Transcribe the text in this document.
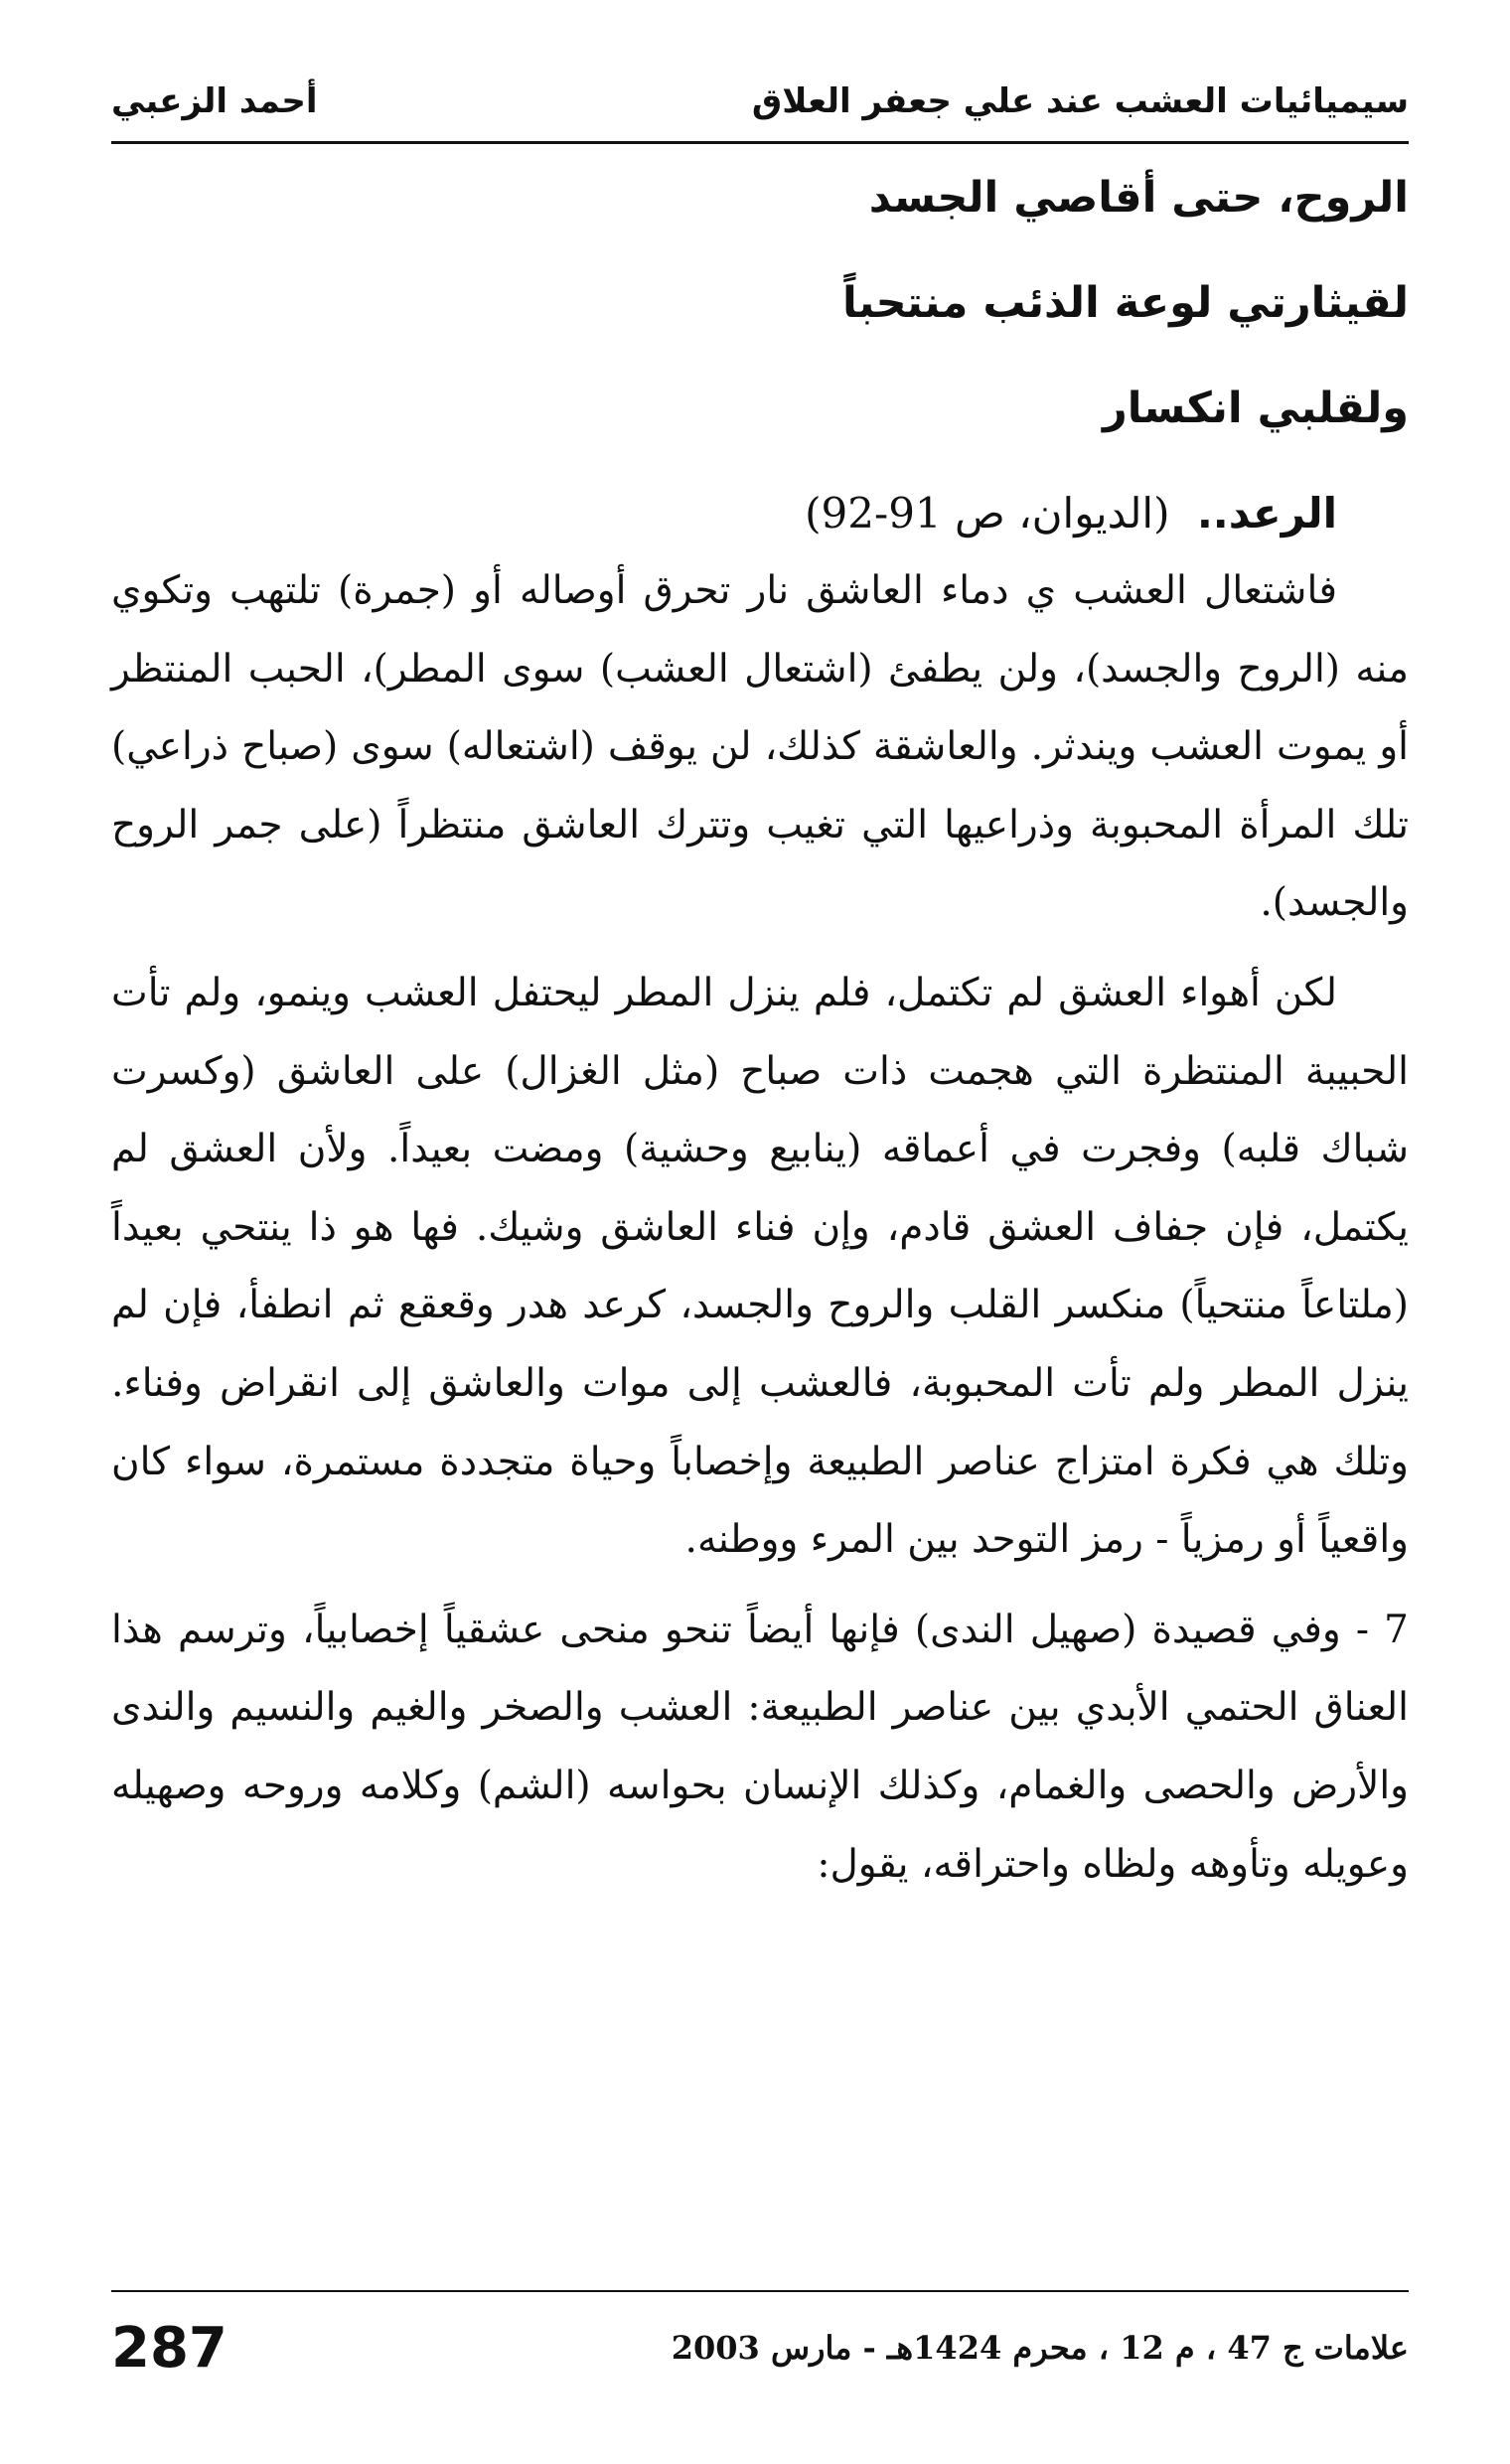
سيميائيات العشب عند علي جعفر العلاق
أحمد الزعبي
الروح، حتى أقاصي الجسد
لقيثارتي لوعة الذئب منتحباً
ولقلبي انكسار
الرعد.. (الديوان، ص 91-92)

فاشتعال العشب ي دماء العاشق نار تحرق أوصاله أو (جمرة) تلتهب وتكوي منه (الروح والجسد)، ولن يطفئ (اشتعال العشب) سوى المطر)، الحبب المنتظر أو يموت العشب ويندثر. والعاشقة كذلك، لن يوقف (اشتعاله) سوى (صباح ذراعي) تلك المرأة المحبوبة وذراعيها التي تغيب وتترك العاشق منتظراً (على جمر الروح والجسد).

لكن أهواء العشق لم تكتمل، فلم ينزل المطر ليحتفل العشب وينمو، ولم تأت الحبيبة المنتظرة التي هجمت ذات صباح (مثل الغزال) على العاشق (وكسرت شباك قلبه) وفجرت في أعماقه (ينابيع وحشية) ومضت بعيداً. ولأن العشق لم يكتمل، فإن جفاف العشق قادم، وإن فناء العاشق وشيك. فها هو ذا ينتحي بعيداً (ملتاعاً منتحياً) منكسر القلب والروح والجسد، كرعد هدر وقعقع ثم انطفأ، فإن لم ينزل المطر ولم تأت المحبوبة، فالعشب إلى موات والعاشق إلى انقراض وفناء. وتلك هي فكرة امتزاج عناصر الطبيعة وإخصاباً وحياة متجددة مستمرة، سواء كان واقعياً أو رمزياً - رمز التوحد بين المرء ووطنه.

7 - وفي قصيدة (صهيل الندى) فإنها أيضاً تنحو منحى عشقياً إخصابياً، وترسم هذا العناق الحتمي الأبدي بين عناصر الطبيعة: العشب والصخر والغيم والنسيم والندى والأرض والحصى والغمام، وكذلك الإنسان بحواسه (الشم) وكلامه وروحه وصهيله وعويله وتأوهه ولظاه واحتراقه، يقول:

علامات ج 47 ، م 12 ، محرم 1424هـ - مارس 2003
287
